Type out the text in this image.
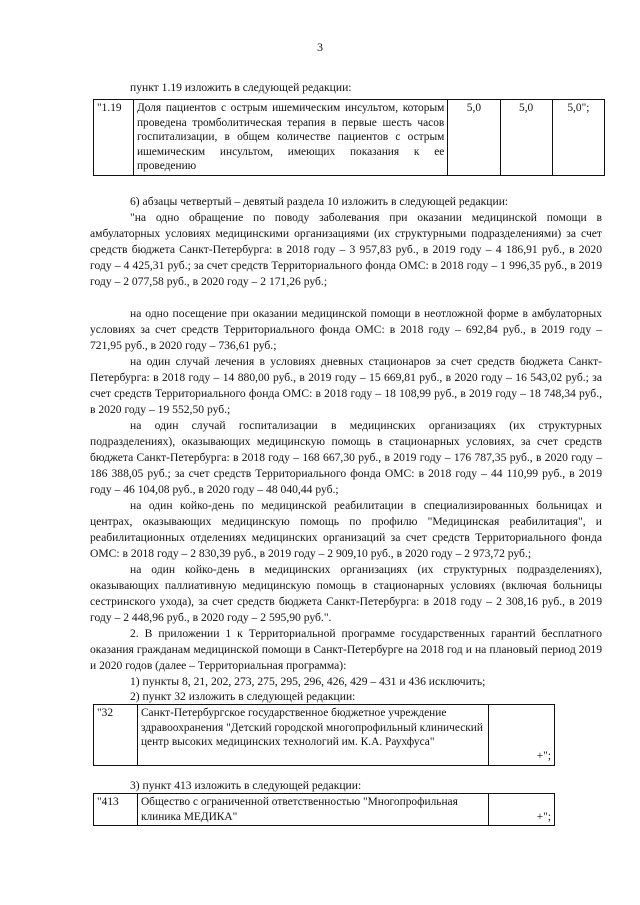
3
пункт 1.19 изложить в следующей редакции:
"1.19	Доля пациентов с острым ишемическим инсультом, которым проведена тромболитическая терапия в первые шесть часов госпитализации, в общем количестве пациентов с острым ишемическим инсультом, имеющих показания к ее проведению	5,0	5,0	5,0";
6) абзацы четвертый – девятый раздела 10 изложить в следующей редакции:
"на одно обращение по поводу заболевания при оказании медицинской помощи в амбулаторных условиях медицинскими организациями (их структурными подразделениями) за счет средств бюджета Санкт-Петербурга: в 2018 году – 3 957,83 руб., в 2019 году – 4 186,91 руб., в 2020 году – 4 425,31 руб.; за счет средств Территориального фонда ОМС: в 2018 году – 1 996,35 руб., в 2019 году – 2 077,58 руб., в 2020 году – 2 171,26 руб.;
на одно посещение при оказании медицинской помощи в неотложной форме в амбулаторных условиях за счет средств Территориального фонда ОМС: в 2018 году – 692,84 руб., в 2019 году – 721,95 руб., в 2020 году – 736,61 руб.;
на один случай лечения в условиях дневных стационаров за счет средств бюджета Санкт-Петербурга: в 2018 году – 14 880,00 руб., в 2019 году – 15 669,81 руб., в 2020 году – 16 543,02 руб.; за счет средств Территориального фонда ОМС: в 2018 году – 18 108,99 руб., в 2019 году – 18 748,34 руб., в 2020 году – 19 552,50 руб.;
на один случай госпитализации в медицинских организациях (их структурных подразделениях), оказывающих медицинскую помощь в стационарных условиях, за счет средств бюджета Санкт-Петербурга: в 2018 году – 168 667,30 руб., в 2019 году – 176 787,35 руб., в 2020 году – 186 388,05 руб.; за счет средств Территориального фонда ОМС: в 2018 году – 44 110,99 руб., в 2019 году – 46 104,08 руб., в 2020 году – 48 040,44 руб.;
на один койко-день по медицинской реабилитации в специализированных больницах и центрах, оказывающих медицинскую помощь по профилю "Медицинская реабилитация", и реабилитационных отделениях медицинских организаций за счет средств Территориального фонда ОМС: в 2018 году – 2 830,39 руб., в 2019 году – 2 909,10 руб., в 2020 году – 2 973,72 руб.;
на один койко-день в медицинских организациях (их структурных подразделениях), оказывающих паллиативную медицинскую помощь в стационарных условиях (включая больницы сестринского ухода), за счет средств бюджета Санкт-Петербурга: в 2018 году – 2 308,16 руб., в 2019 году – 2 448,96 руб., в 2020 году – 2 595,90 руб.".
2. В приложении 1 к Территориальной программе государственных гарантий бесплатного оказания гражданам медицинской помощи в Санкт-Петербурге на 2018 год и на плановый период 2019 и 2020 годов (далее – Территориальная программа):
1) пункты 8, 21, 202, 273, 275, 295, 296, 426, 429 – 431 и 436 исключить;
2) пункт 32 изложить в следующей редакции:
"32	Санкт-Петербургское государственное бюджетное учреждение здравоохранения "Детский городской многопрофильный клинический центр высоких медицинских технологий им. К.А. Раухфуса"	+";
3) пункт 413 изложить в следующей редакции:
"413	Общество с ограниченной ответственностью "Многопрофильная клиника МЕДИКА"	+";
